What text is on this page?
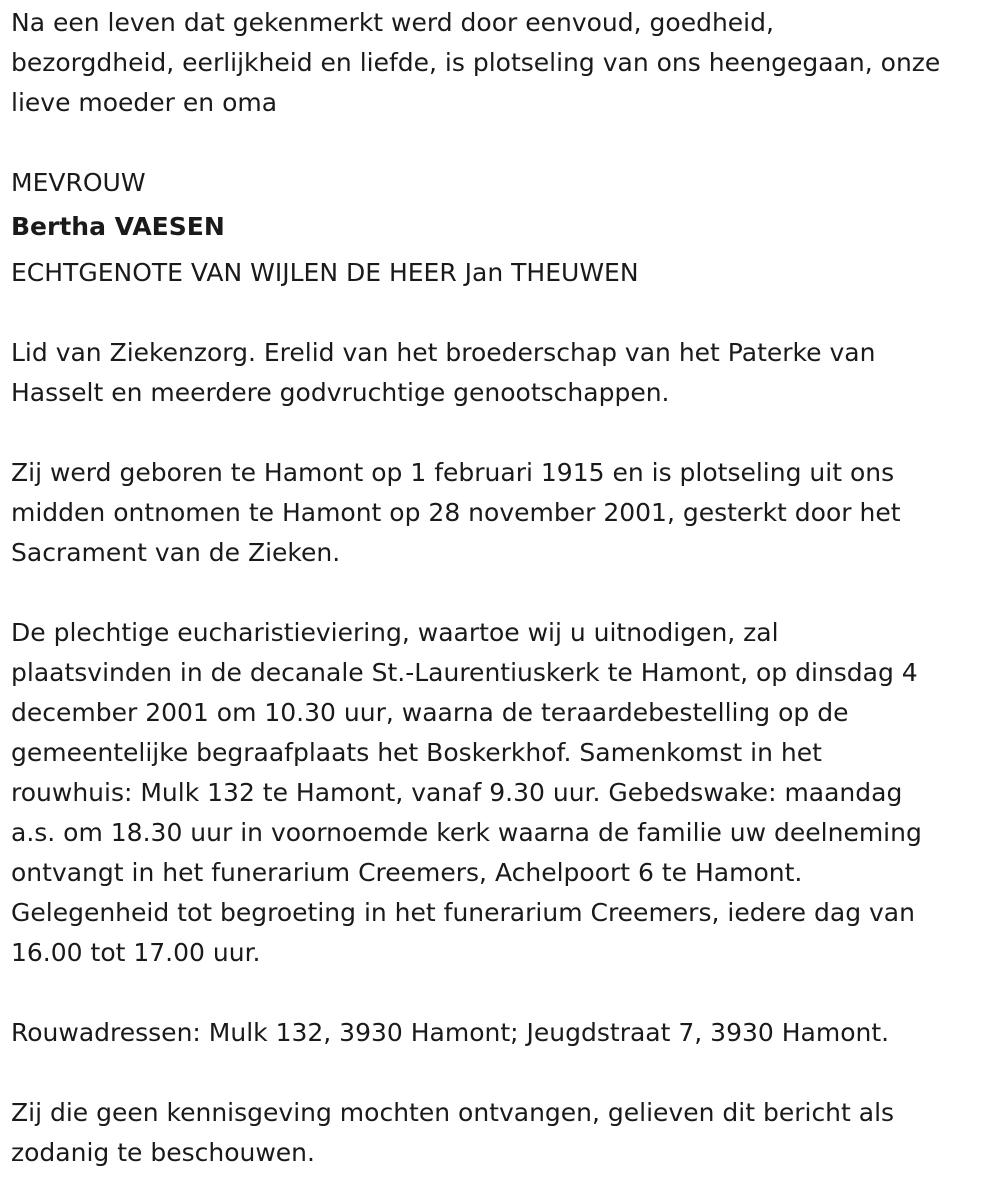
Na een leven dat gekenmerkt werd door eenvoud, goedheid,
bezorgdheid, eerlijkheid en liefde, is plotseling van ons heengegaan, onze
lieve moeder en oma

MEVROUW

Bertha VAESEN

ECHTGENOTE VAN WIJLEN DE HEER Jan THEUWEN

Lid van Ziekenzorg. Erelid van het broederschap van het Paterke van
Hasselt en meerdere godvruchtige genootschappen.

Zij werd geboren te Hamont op 1 februari 1915 en is plotseling uit ons
midden ontnomen te Hamont op 28 november 2001, gesterkt door het
Sacrament van de Zieken.

De plechtige eucharistieviering, waartoe wij u uitnodigen, zal
plaatsvinden in de decanale St.-Laurentiuskerk te Hamont, op dinsdag 4
december 2001 om 10.30 uur, waarna de teraardebestelling op de
gemeentelijke begraafplaats het Boskerkhof. Samenkomst in het
rouwhuis: Mulk 132 te Hamont, vanaf 9.30 uur. Gebedswake: maandag
a.s. om 18.30 uur in voornoemde kerk waarna de familie uw deelneming
ontvangt in het funerarium Creemers, Achelpoort 6 te Hamont.
Gelegenheid tot begroeting in het funerarium Creemers, iedere dag van
16.00 tot 17.00 uur.

Rouwadressen: Mulk 132, 3930 Hamont; Jeugdstraat 7, 3930 Hamont.

Zij die geen kennisgeving mochten ontvangen, gelieven dit bericht als
zodanig te beschouwen.
